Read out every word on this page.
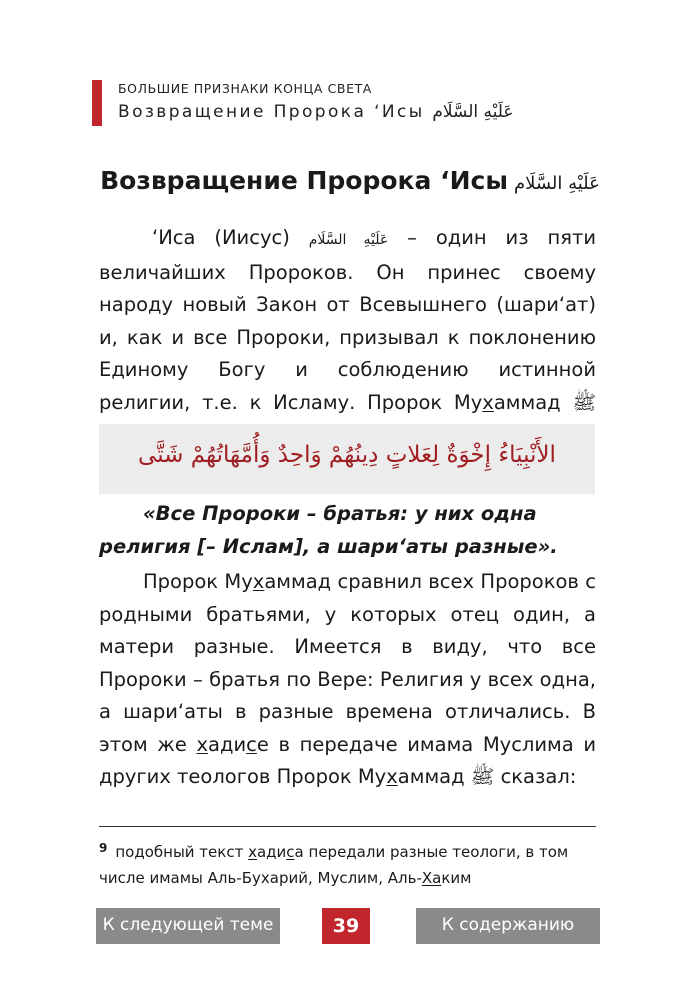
БОЛЬШИЕ ПРИЗНАКИ КОНЦА СВЕТА
Возвращение Пророка ‘Исы عَلَيْهِ السَّلَام
Возвращение Пророка ‘Исы عَلَيْهِ السَّلَام

‘Иса (Иисус) عَلَيْهِ السَّلَام – один из пяти величайших Пророков. Он принес своему народу новый Закон от Всевышнего (шари‘ат) и, как и все Пророки, призывал к поклонению Единому Богу и соблюдению истинной религии, т.е. к Исламу. Пророк Мухаммад ﷺ

الأَنْبِيَاءُ إِخْوَةٌ لِعَلاتٍ دِينُهُمْ وَاحِدٌ وَأُمَّهَاتُهُمْ شَتَّى

«Все Пророки – братья: у них одна религия [– Ислам], а шари‘аты разные».

Пророк Мухаммад сравнил всех Пророков с родными братьями, у которых отец один, а матери разные. Имеется в виду, что все Пророки – братья по Вере: Религия у всех одна, а шари‘аты в разные времена отличались. В этом же хадисе в передаче имама Муслима и других теологов Пророк Мухаммад ﷺ сказал:

$^9$ подобный текст хадиса передали разные теологи, в том числе имамы Аль-Бухарий, Муслим, Аль-Хаким

К следующей теме	39	К содержанию
